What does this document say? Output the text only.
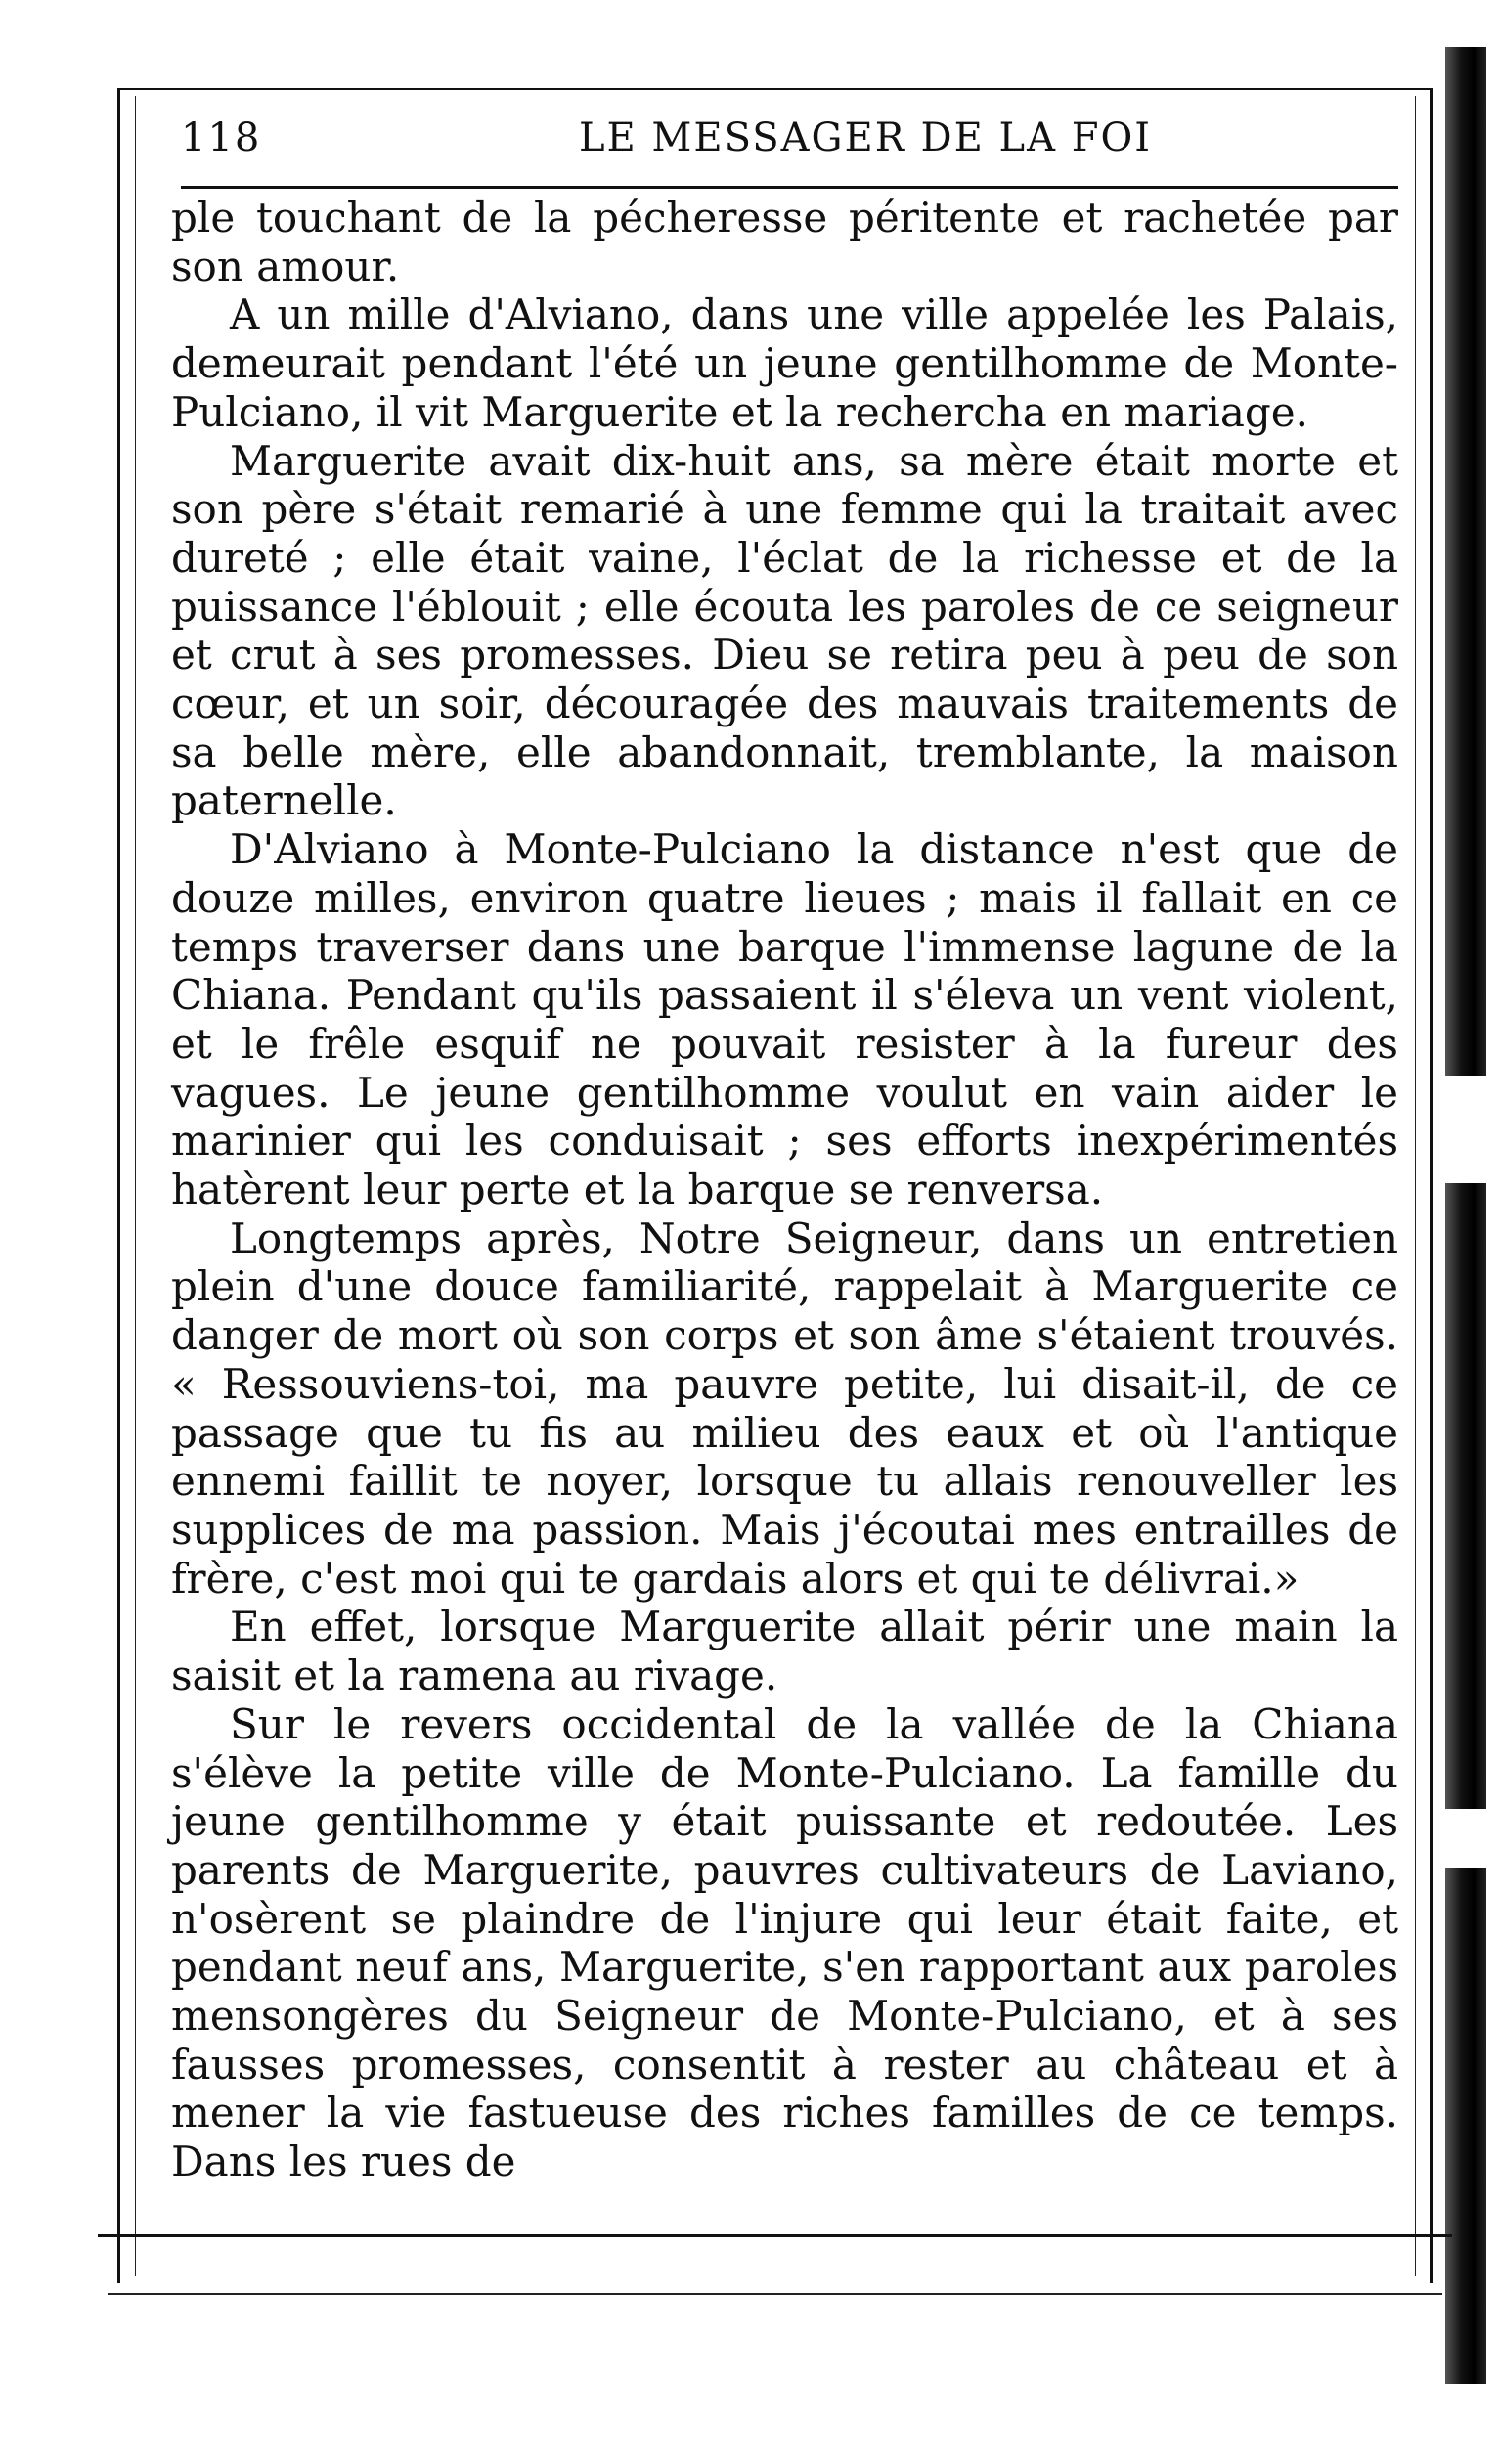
118	LE MESSAGER DE LA FOI

ple touchant de la pécheresse péritente et rachetée par son amour.

A un mille d'Alviano, dans une ville appelée les Palais, demeurait pendant l'été un jeune gentilhomme de Monte-Pulciano, il vit Marguerite et la rechercha en mariage.

Marguerite avait dix-huit ans, sa mère était morte et son père s'était remarié à une femme qui la traitait avec dureté ; elle était vaine, l'éclat de la richesse et de la puissance l'éblouit ; elle écouta les paroles de ce seigneur et crut à ses promesses. Dieu se retira peu à peu de son cœur, et un soir, découragée des mauvais traitements de sa belle mère, elle abandonnait, tremblante, la maison paternelle.

D'Alviano à Monte-Pulciano la distance n'est que de douze milles, environ quatre lieues ; mais il fallait en ce temps traverser dans une barque l'immense lagune de la Chiana. Pendant qu'ils passaient il s'éleva un vent violent, et le frêle esquif ne pouvait resister à la fureur des vagues. Le jeune gentilhomme voulut en vain aider le marinier qui les conduisait ; ses efforts inexpérimentés hatèrent leur perte et la barque se renversa.

Longtemps après, Notre Seigneur, dans un entretien plein d'une douce familiarité, rappelait à Marguerite ce danger de mort où son corps et son âme s'étaient trouvés. « Ressouviens-toi, ma pauvre petite, lui disait-il, de ce passage que tu fis au milieu des eaux et où l'antique ennemi faillit te noyer, lorsque tu allais renouveller les supplices de ma passion. Mais j'écoutai mes entrailles de frère, c'est moi qui te gardais alors et qui te délivrai.»

En effet, lorsque Marguerite allait périr une main la saisit et la ramena au rivage.

Sur le revers occidental de la vallée de la Chiana s'élève la petite ville de Monte-Pulciano. La famille du jeune gentilhomme y était puissante et redoutée. Les parents de Marguerite, pauvres cultivateurs de Laviano, n'osèrent se plaindre de l'injure qui leur était faite, et pendant neuf ans, Marguerite, s'en rapportant aux paroles mensongères du Seigneur de Monte-Pulciano, et à ses fausses promesses, consentit à rester au château et à mener la vie fastueuse des riches familles de ce temps. Dans les rues de
